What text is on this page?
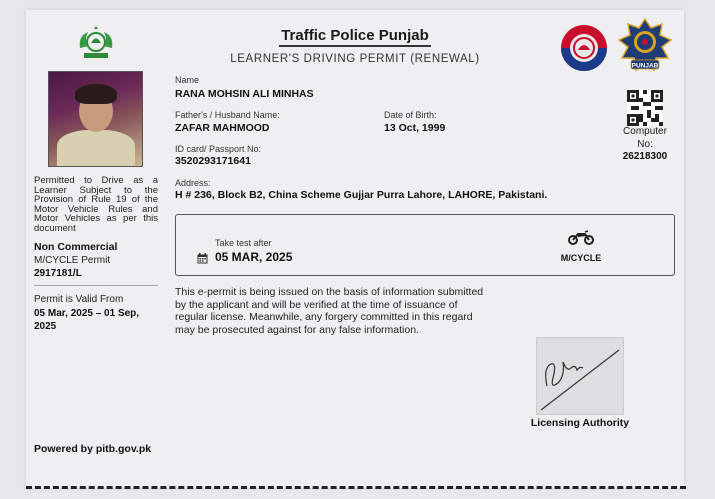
Traffic Police Punjab
LEARNER'S DRIVING PERMIT (RENEWAL)
PUNJAB
Permitted to Drive as a Learner Subject to the Provision of Rule 19 of the Motor Vehicle Rules and Motor Vehicles as per this document
Non Commercial
M/CYCLE Permit
2917181/L
Permit is Valid From
05 Mar, 2025 – 01 Sep, 2025
Powered by pitb.gov.pk
Name
RANA MOHSIN ALI MINHAS
Father's / Husband Name:
ZAFAR MAHMOOD
Date of Birth:
13 Oct, 1999
ID card/ Passport No:
3520293171641
Address:
H # 236, Block B2, China Scheme Gujjar Purra Lahore, LAHORE, Pakistani.
Computer
No:
26218300
Take test after
05 MAR, 2025	M/CYCLE
This e-permit is being issued on the basis of information submitted by the applicant and will be verified at the time of issuance of regular license. Meanwhile, any forgery committed in this regard may be prosecuted against for any false information.
Licensing Authority
